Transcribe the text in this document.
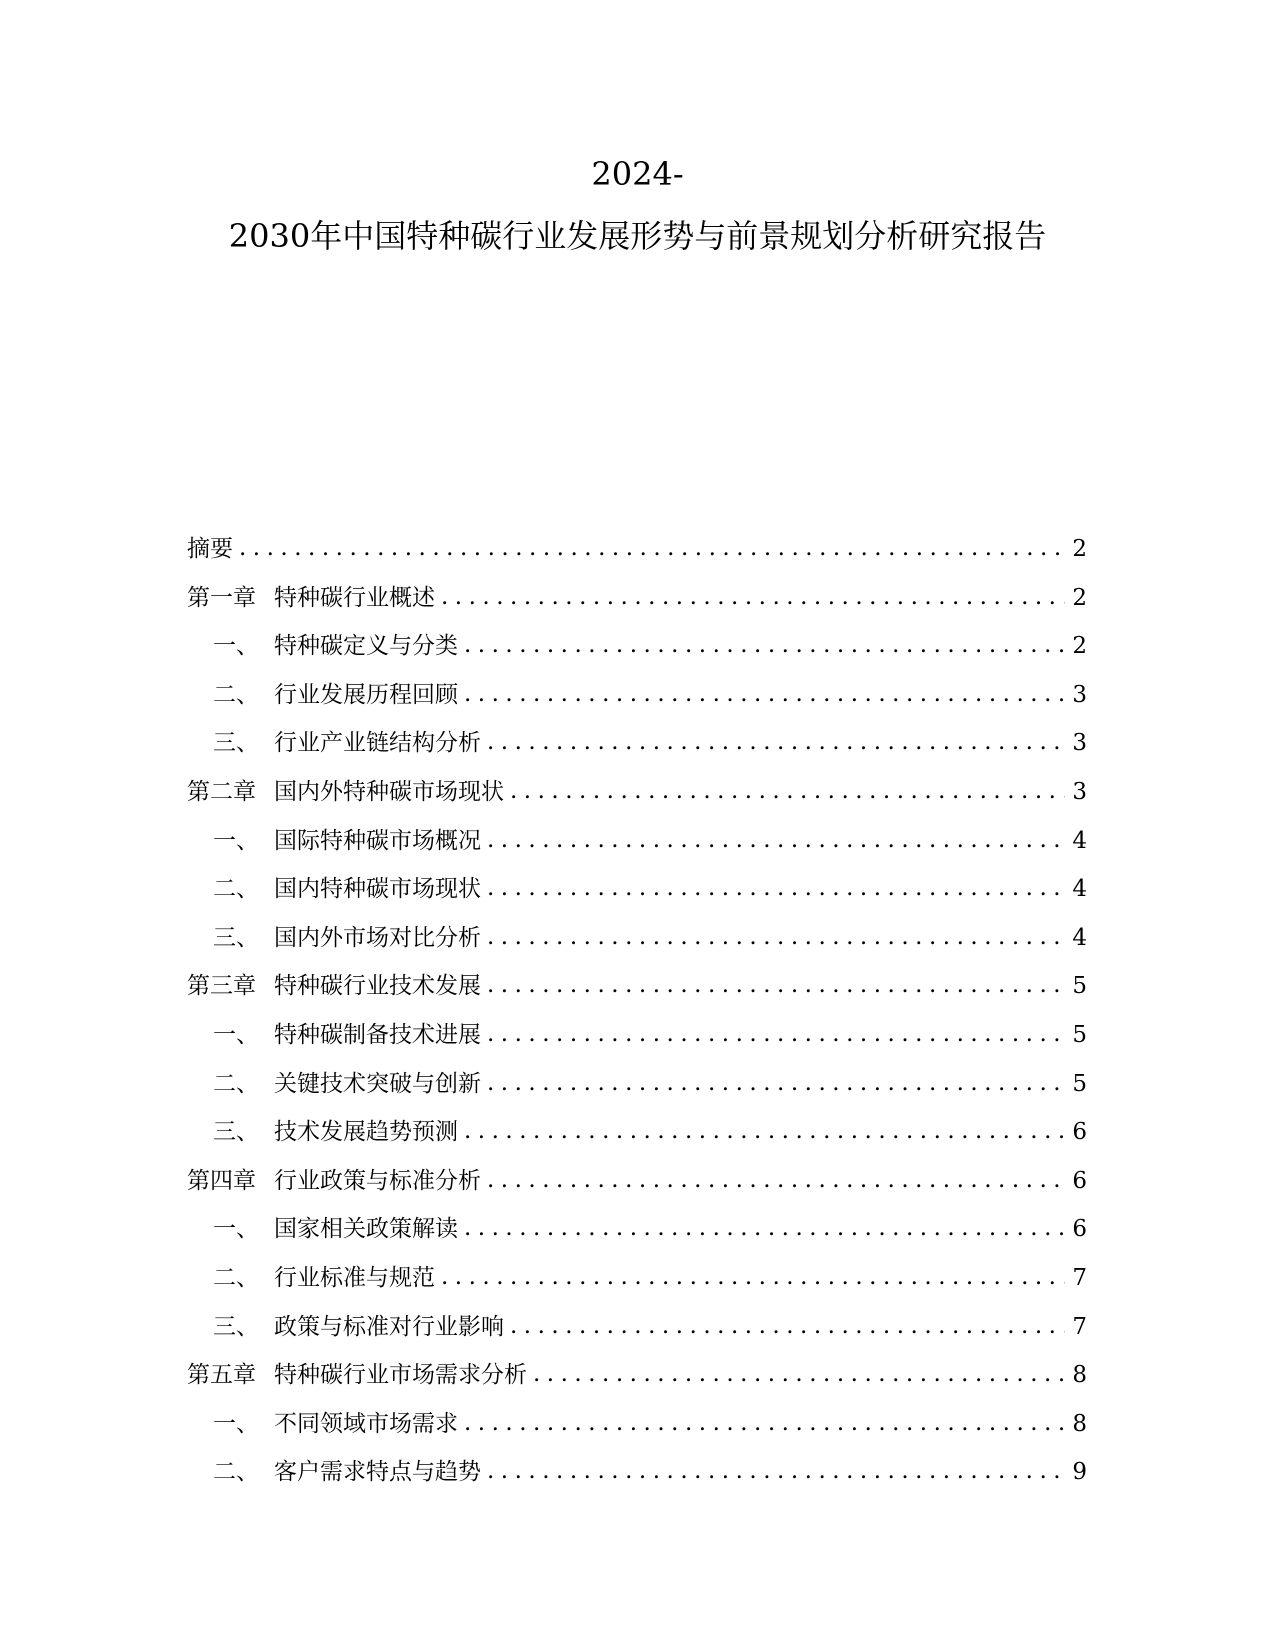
2024-
2030年中国特种碳行业发展形势与前景规划分析研究报告
摘要 .....	2
第一章 特种碳行业概述 .....	2
一、 特种碳定义与分类 .....	2
二、 行业发展历程回顾 .....	3
三、 行业产业链结构分析 .....	3
第二章 国内外特种碳市场现状 .....	3
一、 国际特种碳市场概况 .....	4
二、 国内特种碳市场现状 .....	4
三、 国内外市场对比分析 .....	4
第三章 特种碳行业技术发展 .....	5
一、 特种碳制备技术进展 .....	5
二、 关键技术突破与创新 .....	5
三、 技术发展趋势预测 .....	6
第四章 行业政策与标准分析 .....	6
一、 国家相关政策解读 .....	6
二、 行业标准与规范 .....	7
三、 政策与标准对行业影响 .....	7
第五章 特种碳行业市场需求分析 .....	8
一、 不同领域市场需求 .....	8
二、 客户需求特点与趋势 .....	9
